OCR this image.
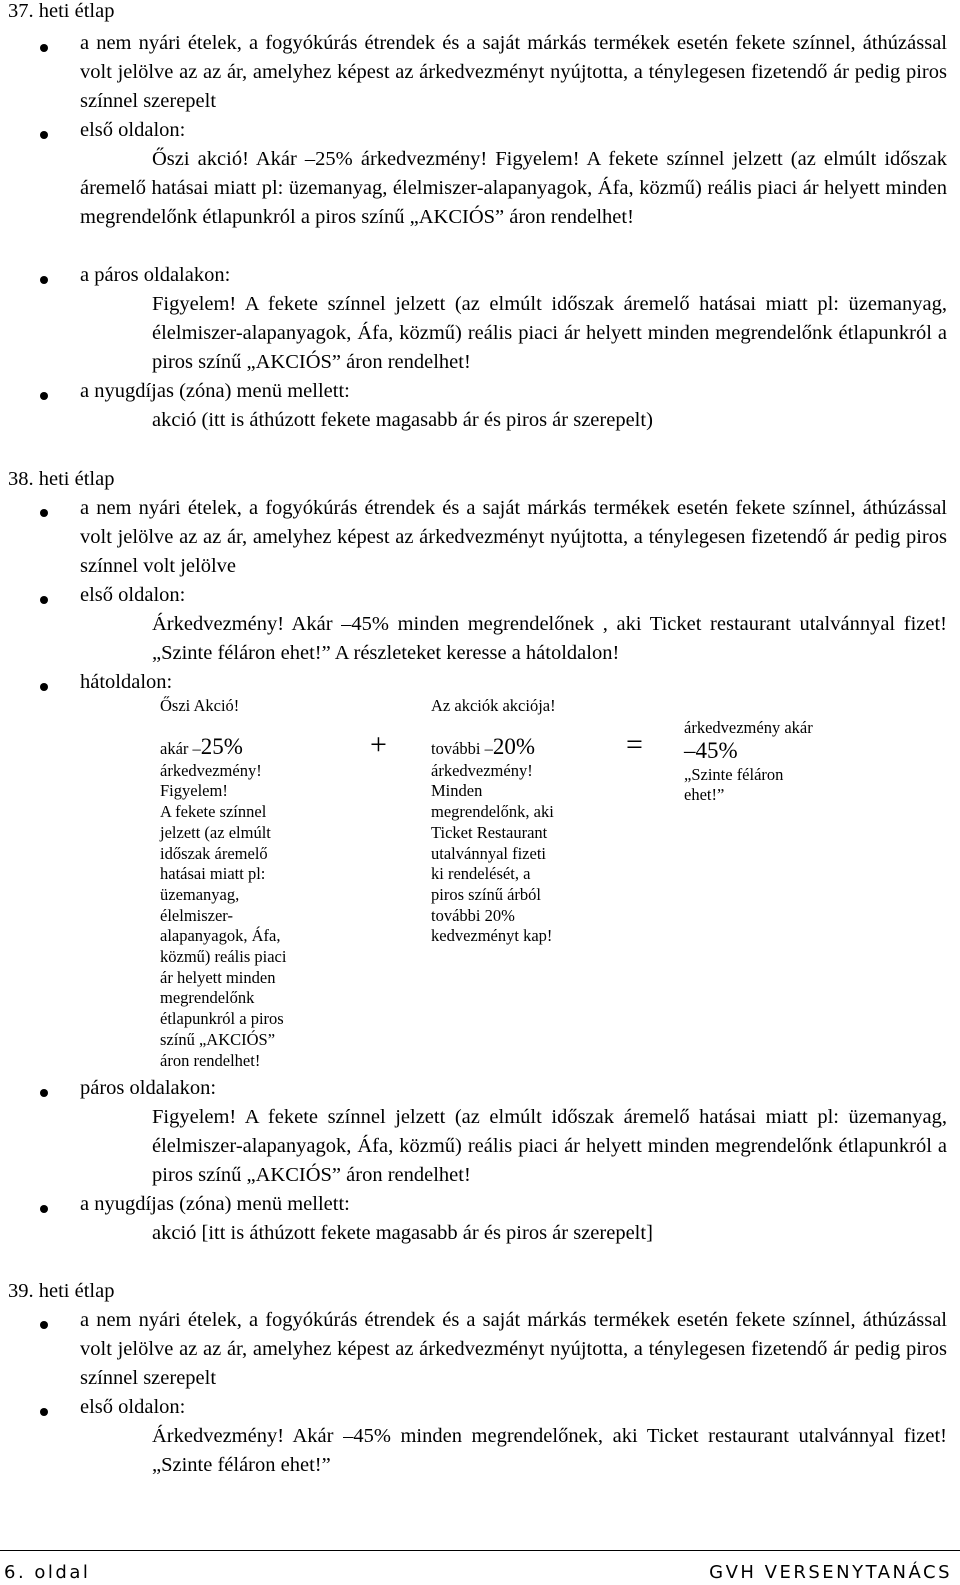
37. heti étlap
a nem nyári ételek, a fogyókúrás étrendek és a saját márkás termékek esetén fekete színnel, áthúzással volt jelölve az az ár, amelyhez képest az árkedvezményt nyújtotta, a ténylegesen fizetendő ár pedig piros színnel szerepelt
első oldalon:
Őszi akció! Akár –25% árkedvezmény! Figyelem! A fekete színnel jelzett (az elmúlt időszak áremelő hatásai miatt pl: üzemanyag, élelmiszer-alapanyagok, Áfa, közmű) reális piaci ár helyett minden megrendelőnk étlapunkról a piros színű „AKCIÓS” áron rendelhet!
a páros oldalakon:
Figyelem! A fekete színnel jelzett (az elmúlt időszak áremelő hatásai miatt pl: üzemanyag, élelmiszer-alapanyagok, Áfa, közmű) reális piaci ár helyett minden megrendelőnk étlapunkról a piros színű „AKCIÓS” áron rendelhet!
a nyugdíjas (zóna) menü mellett:
akció (itt is áthúzott fekete magasabb ár és piros ár szerepelt)
38. heti étlap
a nem nyári ételek, a fogyókúrás étrendek és a saját márkás termékek esetén fekete színnel, áthúzással volt jelölve az az ár, amelyhez képest az árkedvezményt nyújtotta, a ténylegesen fizetendő ár pedig piros színnel volt jelölve
első oldalon:
Árkedvezmény! Akár –45% minden megrendelőnek , aki Ticket restaurant utalvánnyal fizet! „Szinte féláron ehet!” A részleteket keresse a hátoldalon!
hátoldalon:
Őszi Akció!
akár –25%
árkedvezmény!
Figyelem!
A fekete színnel
jelzett (az elmúlt
időszak áremelő
hatásai miatt pl:
üzemanyag,
élelmiszer-
alapanyagok, Áfa,
közmű) reális piaci
ár helyett minden
megrendelőnk
étlapunkról a piros
színű „AKCIÓS”
áron rendelhet!
+
Az akciók akciója!
további –20%
árkedvezmény!
Minden
megrendelőnk, aki
Ticket Restaurant
utalvánnyal fizeti
ki rendelését, a
piros színű árból
további 20%
kedvezményt kap!
=
árkedvezmény akár
–45%
„Szinte féláron
ehet!”
páros oldalakon:
Figyelem! A fekete színnel jelzett (az elmúlt időszak áremelő hatásai miatt pl: üzemanyag, élelmiszer-alapanyagok, Áfa, közmű) reális piaci ár helyett minden megrendelőnk étlapunkról a piros színű „AKCIÓS” áron rendelhet!
a nyugdíjas (zóna) menü mellett:
akció [itt is áthúzott fekete magasabb ár és piros ár szerepelt]
39. heti étlap
a nem nyári ételek, a fogyókúrás étrendek és a saját márkás termékek esetén fekete színnel, áthúzással volt jelölve az az ár, amelyhez képest az árkedvezményt nyújtotta, a ténylegesen fizetendő ár pedig piros színnel szerepelt
első oldalon:
Árkedvezmény! Akár –45% minden megrendelőnek, aki Ticket restaurant utalvánnyal fizet! „Szinte féláron ehet!”
6. oldal	GVH VERSENYTANÁCS
